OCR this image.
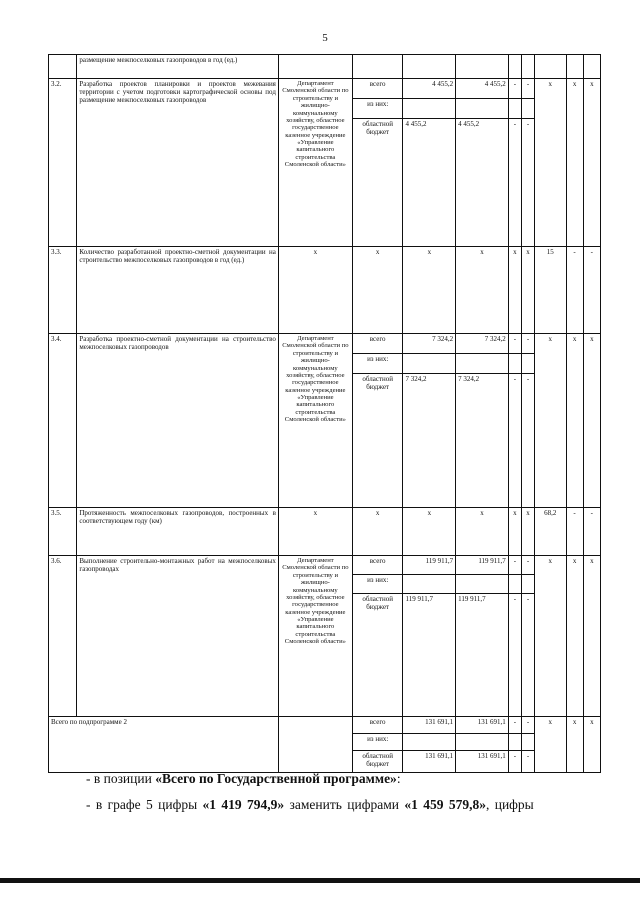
5
	размещение межпоселковых газопроводов в год (ед.)									
3.2.	Разработка проектов планировки и проектов межевания территории с учетом подготовки картографической основы под размещение межпоселковых газопроводов	Департамент Смоленской области по строительству и жилищно-коммунальному хозяйству, областное государственное казенное учреждение «Управление капитального строительства Смоленской области»	всего	4 455,2	4 455,2	-	-	x	x	x
			из них:							
			областной бюджет	4 455,2	4 455,2	-	-			
3.3.	Количество разработанной проектно-сметной документации на строительство межпоселковых газопроводов в год (ед.)	x	x	x	x	x	x	15	-	-
3.4.	Разработка проектно-сметной документации на строительство межпоселковых газопроводов	Департамент Смоленской области по строительству и жилищно-коммунальному хозяйству, областное государственное казенное учреждение «Управление капитального строительства Смоленской области»	всего	7 324,2	7 324,2	-	-	x	x	x
			из них:							
			областной бюджет	7 324,2	7 324,2	-	-			
3.5.	Протяженность межпоселковых газопроводов, построенных в соответствующем году (км)	x	x	x	x	x	x	68,2	-	-
3.6.	Выполнение строительно-монтажных работ на межпоселковых газопроводах	Департамент Смоленской области по строительству и жилищно-коммунальному хозяйству, областное государственное казенное учреждение «Управление капитального строительства Смоленской области»	всего	119 911,7	119 911,7	-	-	x	x	x
			из них:							
			областной бюджет	119 911,7	119 911,7	-	-			
Всего по подпрограмме 2			всего	131 691,1	131 691,1	-	-	x	x	x
			из них:							
			областной бюджет	131 691,1	131 691,1	-	-			
- в позиции «Всего по Государственной программе»:
- в графе 5 цифры «1 419 794,9» заменить цифрами «1 459 579,8», цифры
